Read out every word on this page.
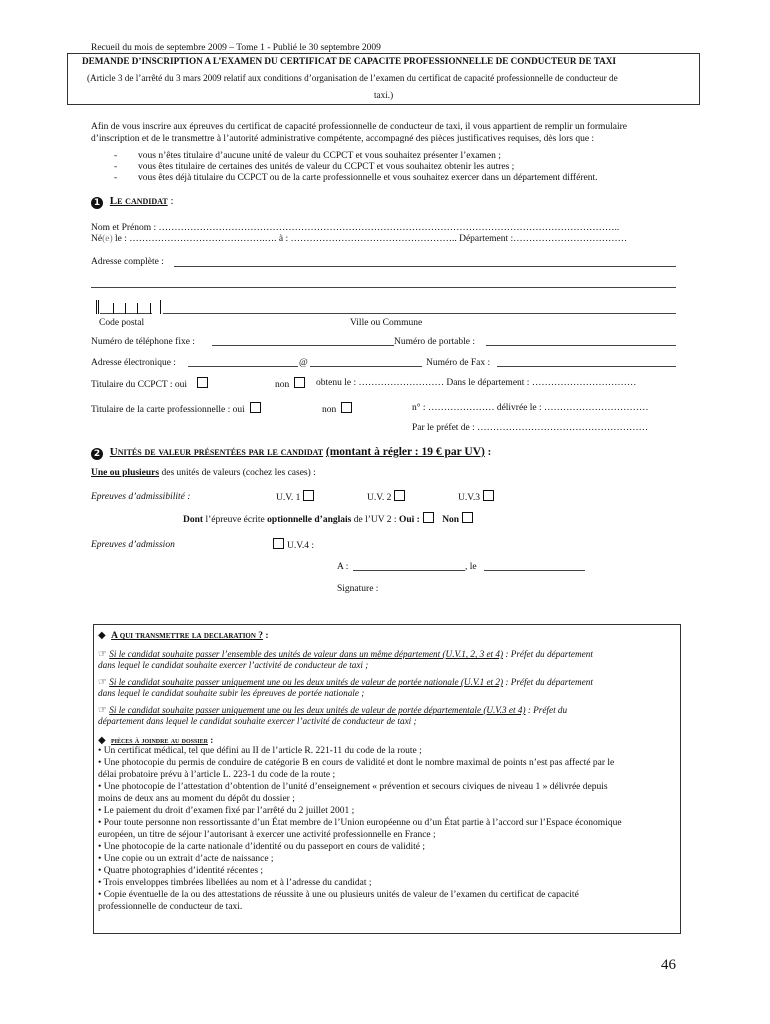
Recueil du mois de septembre 2009 – Tome 1 - Publié le 30 septembre 2009
DEMANDE D’INSCRIPTION A L’EXAMEN DU CERTIFICAT DE CAPACITE PROFESSIONNELLE DE CONDUCTEUR DE TAXI
(Article 3 de l’arrêté du 3 mars 2009 relatif aux conditions d’organisation de l’examen du certificat de capacité professionnelle de conducteur de
taxi.)
Afin de vous inscrire aux épreuves du certificat de capacité professionnelle de conducteur de taxi, il vous appartient de remplir un formulaire
d’inscription et de le transmettre à l’autorité administrative compétente, accompagné des pièces justificatives requises, dès lors que :
- vous n’êtes titulaire d’aucune unité de valeur du CCPCT et vous souhaitez présenter l’examen ;
- vous êtes titulaire de certaines des unités de valeur du CCPCT et vous souhaitez obtenir les autres ;
- vous êtes déjà titulaire du CCPCT ou de la carte professionnelle et vous souhaitez exercer dans un département différent.
1 Le candidat :
Nom et Prénom : ………………………………………………………………………………………………………………………………..
Né(e) le : …………………………………….…. à : …………………………………………….. Département :………………………………
Adresse complète :
Code postal	Ville ou Commune
Numéro de téléphone fixe :	Numéro de portable :
Adresse électronique :	@	Numéro de Fax :
Titulaire du CCPCT : oui	non	obtenu le : ……………………… Dans le département : ……………………………
Titulaire de la carte professionnelle : oui	non	n° : ………………… délivrée le : ……………………………
Par le préfet de : ………………………………………………
2 Unités de valeur présentées par le candidat (montant à régler : 19 € par UV) :
Une ou plusieurs des unités de valeurs (cochez les cases) :
Epreuves d’admissibilité :	U.V. 1	U.V. 2	U.V.3
Dont l’épreuve écrite optionnelle d’anglais de l’UV 2 : Oui : Non
Epreuves d’admission	U.V.4 :
A :	, le
Signature :
◆ A qui transmettre la declaration ? :
☞ Si le candidat souhaite passer l’ensemble des unités de valeur dans un même département (U.V.1, 2, 3 et 4) : Préfet du département
dans lequel le candidat souhaite exercer l’activité de conducteur de taxi ;
☞ Si le candidat souhaite passer uniquement une ou les deux unités de valeur de portée nationale (U.V.1 et 2) : Préfet du département
dans lequel le candidat souhaite subir les épreuves de portée nationale ;
☞ Si le candidat souhaite passer uniquement une ou les deux unités de valeur de portée départementale (U.V.3 et 4) : Préfet du
département dans lequel le candidat souhaite exercer l’activité de conducteur de taxi ;
◆ pièces à joindre au dossier :
• Un certificat médical, tel que défini au II de l’article R. 221-11 du code de la route ;
• Une photocopie du permis de conduire de catégorie B en cours de validité et dont le nombre maximal de points n’est pas affecté par le
délai probatoire prévu à l’article L. 223-1 du code de la route ;
• Une photocopie de l’attestation d’obtention de l’unité d’enseignement « prévention et secours civiques de niveau 1 » délivrée depuis
moins de deux ans au moment du dépôt du dossier ;
• Le paiement du droit d’examen fixé par l’arrêté du 2 juillet 2001 ;
• Pour toute personne non ressortissante d’un État membre de l’Union européenne ou d’un État partie à l’accord sur l’Espace économique
européen, un titre de séjour l’autorisant à exercer une activité professionnelle en France ;
• Une photocopie de la carte nationale d’identité ou du passeport en cours de validité ;
• Une copie ou un extrait d’acte de naissance ;
• Quatre photographies d’identité récentes ;
• Trois enveloppes timbrées libellées au nom et à l’adresse du candidat ;
• Copie éventuelle de la ou des attestations de réussite à une ou plusieurs unités de valeur de l’examen du certificat de capacité
professionnelle de conducteur de taxi.
46
